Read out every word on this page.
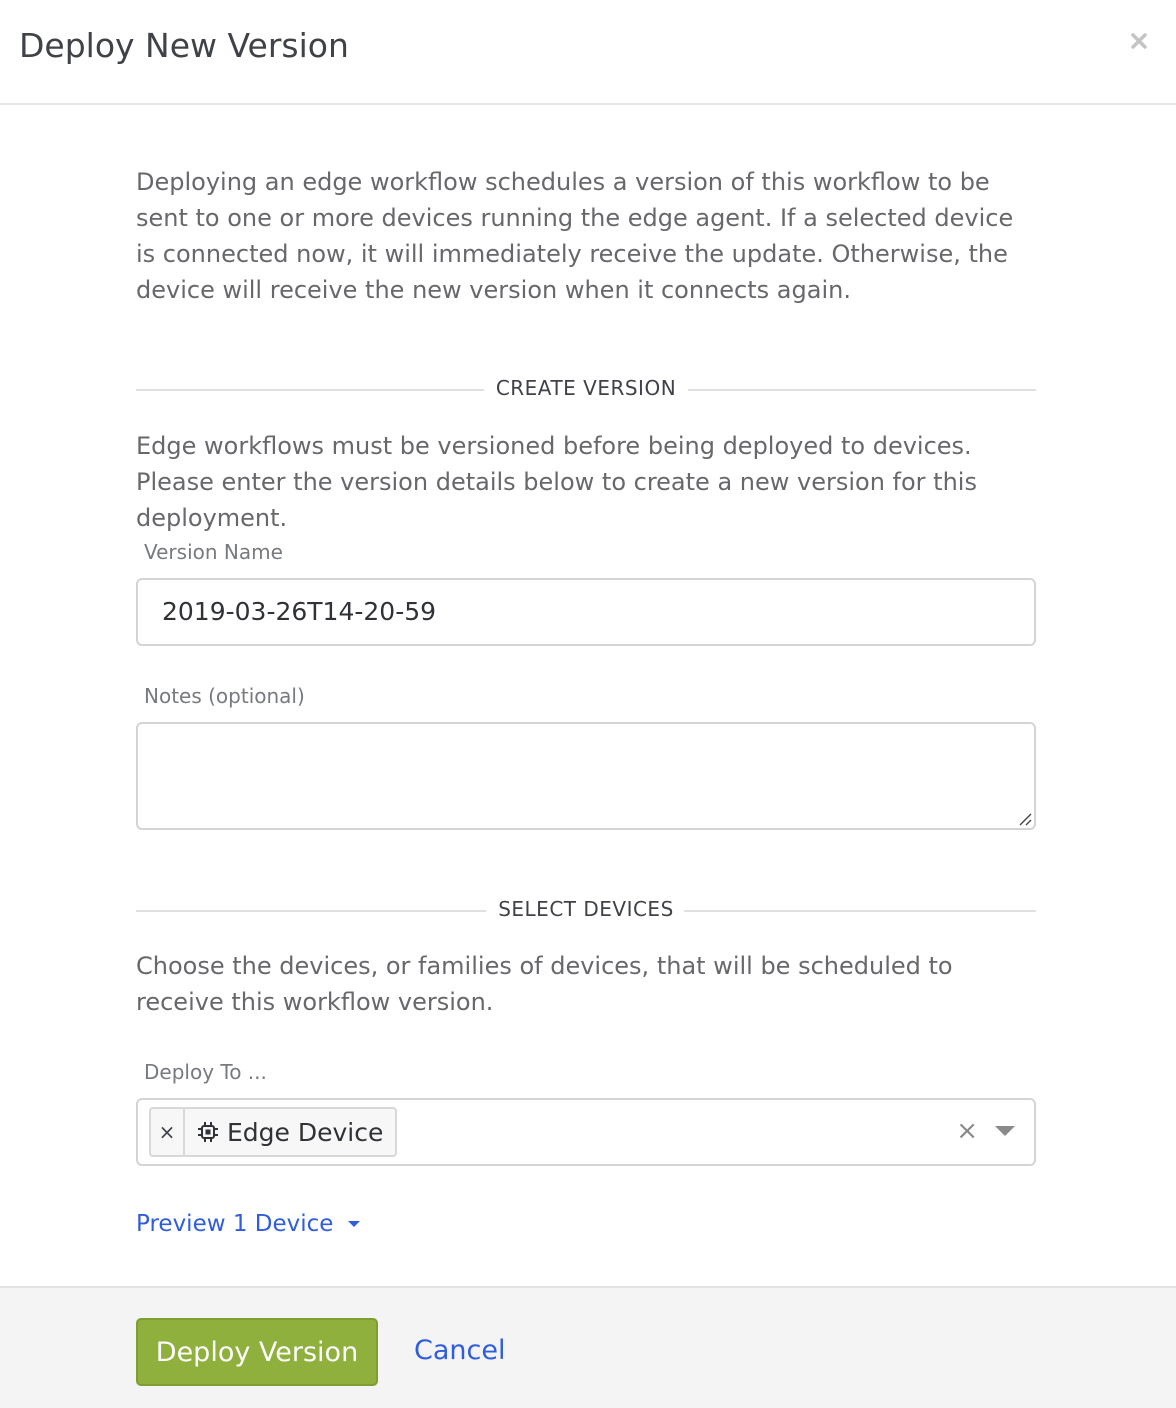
Deploy New Version

Deploying an edge workflow schedules a version of this workflow to be sent to one or more devices running the edge agent. If a selected device is connected now, it will immediately receive the update. Otherwise, the device will receive the new version when it connects again.

CREATE VERSION

Edge workflows must be versioned before being deployed to devices. Please enter the version details below to create a new version for this deployment.

Version Name
2019-03-26T14-20-59
Notes (optional)
SELECT DEVICES

Choose the devices, or families of devices, that will be scheduled to receive this workflow version.

Deploy To ...
×	Edge Device	×
Preview 1 Device
Deploy Version	Cancel
